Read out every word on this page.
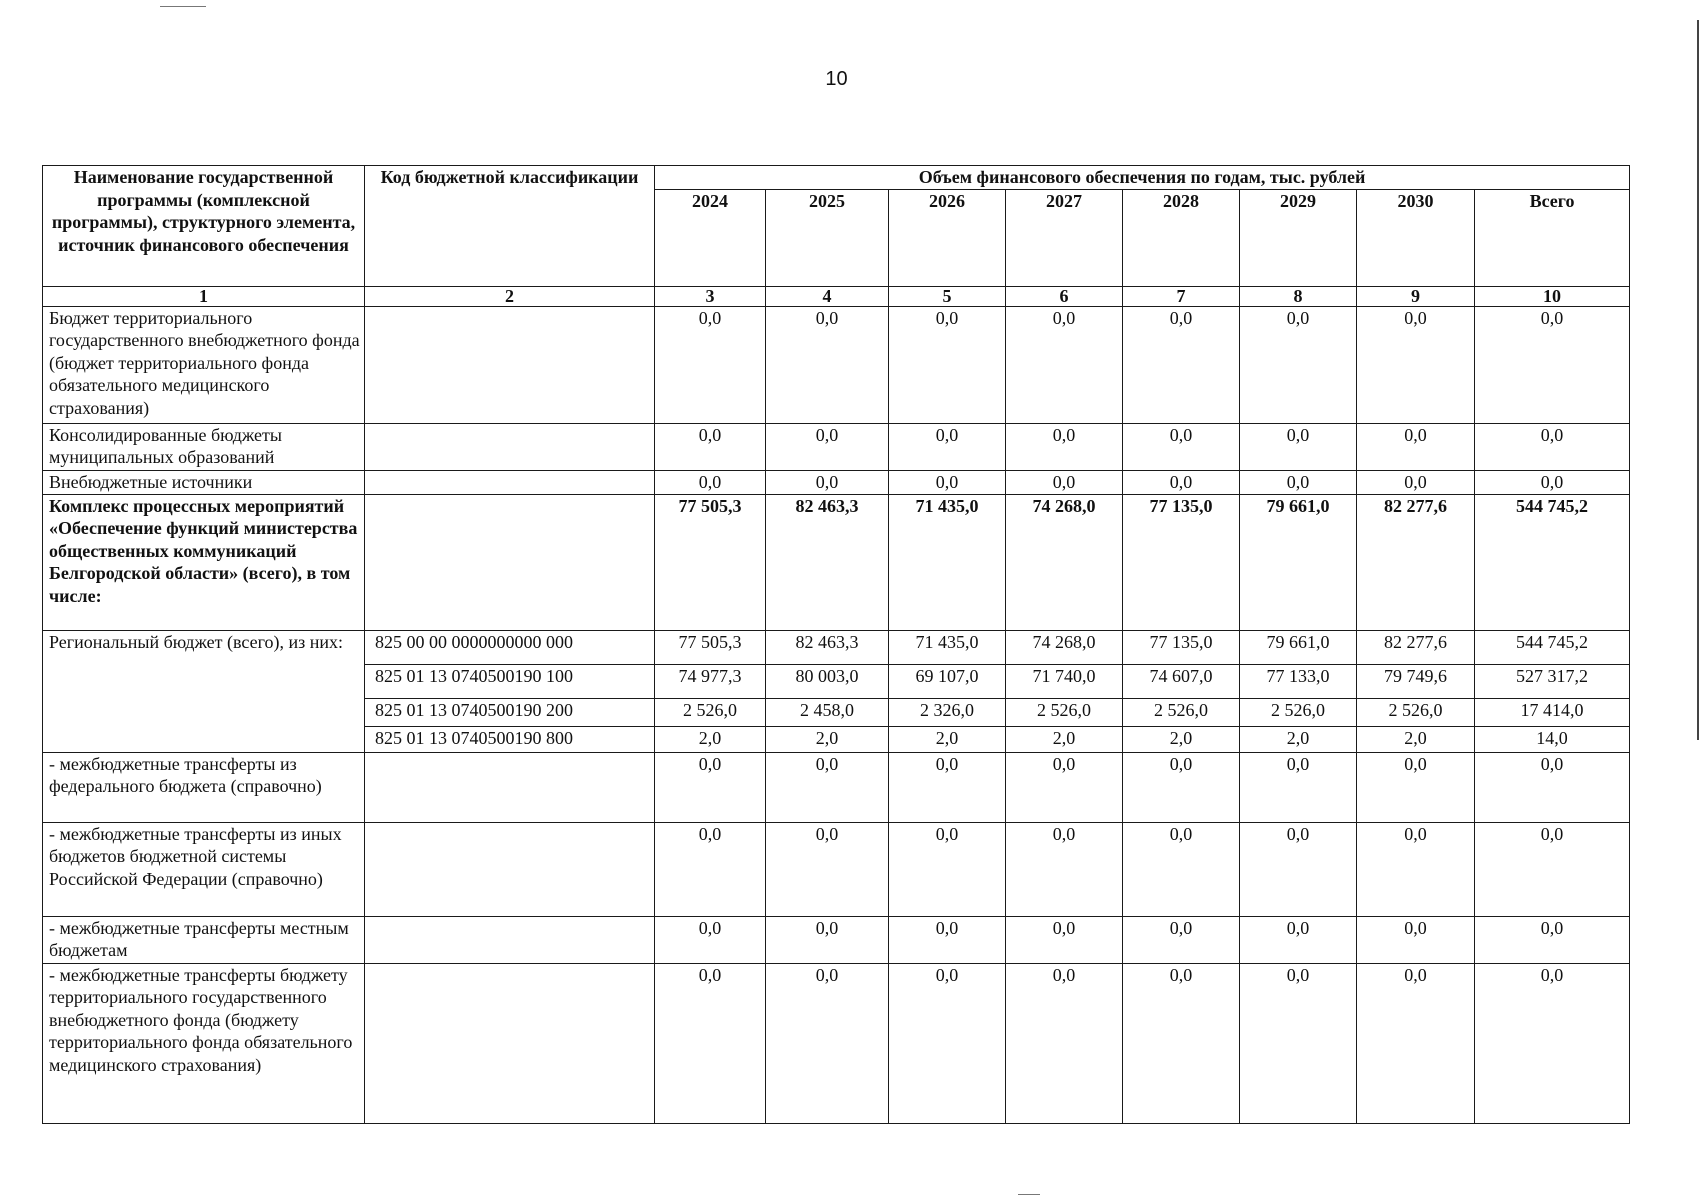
10
Наименование государственной программы (комплексной программы), структурного элемента, источник финансового обеспечения	Код бюджетной классификации	Объем финансового обеспечения по годам, тыс. рублей							
		2024	2025	2026	2027	2028	2029	2030	Всего
1	2	3	4	5	6	7	8	9	10
Бюджет территориального государственного внебюджетного фонда (бюджет территориального фонда обязательного медицинского страхования)		0,0	0,0	0,0	0,0	0,0	0,0	0,0	0,0
Консолидированные бюджеты муниципальных образований		0,0	0,0	0,0	0,0	0,0	0,0	0,0	0,0
Внебюджетные источники		0,0	0,0	0,0	0,0	0,0	0,0	0,0	0,0
Комплекс процессных мероприятий «Обеспечение функций министерства общественных коммуникаций Белгородской области» (всего), в том числе:		77 505,3	82 463,3	71 435,0	74 268,0	77 135,0	79 661,0	82 277,6	544 745,2
Региональный бюджет (всего), из них:	825 00 00 0000000000 000	77 505,3	82 463,3	71 435,0	74 268,0	77 135,0	79 661,0	82 277,6	544 745,2
	825 01 13 0740500190 100	74 977,3	80 003,0	69 107,0	71 740,0	74 607,0	77 133,0	79 749,6	527 317,2
	825 01 13 0740500190 200	2 526,0	2 458,0	2 326,0	2 526,0	2 526,0	2 526,0	2 526,0	17 414,0
	825 01 13 0740500190 800	2,0	2,0	2,0	2,0	2,0	2,0	2,0	14,0
- межбюджетные трансферты из федерального бюджета (справочно)		0,0	0,0	0,0	0,0	0,0	0,0	0,0	0,0
- межбюджетные трансферты из иных бюджетов бюджетной системы Российской Федерации (справочно)		0,0	0,0	0,0	0,0	0,0	0,0	0,0	0,0
- межбюджетные трансферты местным бюджетам		0,0	0,0	0,0	0,0	0,0	0,0	0,0	0,0
- межбюджетные трансферты бюджету территориального государственного внебюджетного фонда (бюджету территориального фонда обязательного медицинского страхования)		0,0	0,0	0,0	0,0	0,0	0,0	0,0	0,0
